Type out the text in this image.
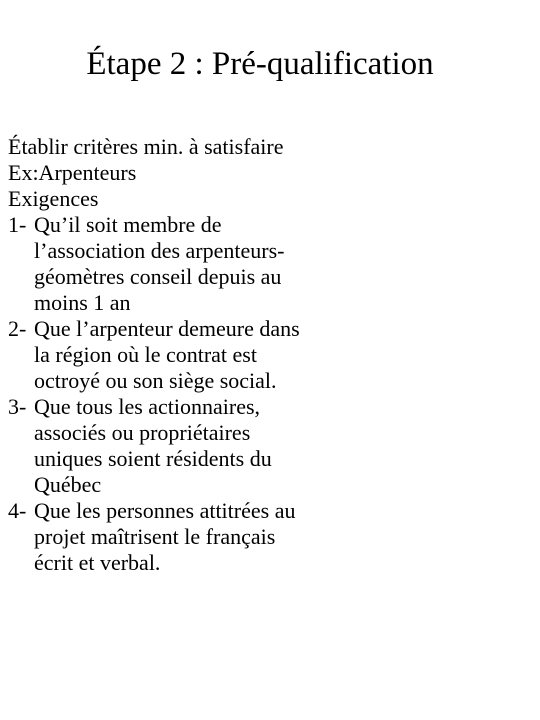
Étape 2 : Pré-qualification
Établir critères min. à satisfaire
Ex:Arpenteurs
Exigences
1- Qu’il soit membre de
l’association des arpenteurs-
géomètres conseil depuis au
moins 1 an
2- Que l’arpenteur demeure dans
la région où le contrat est
octroyé ou son siège social.
3- Que tous les actionnaires,
associés ou propriétaires
uniques soient résidents du
Québec
4- Que les personnes attitrées au
projet maîtrisent le français
écrit et verbal.
